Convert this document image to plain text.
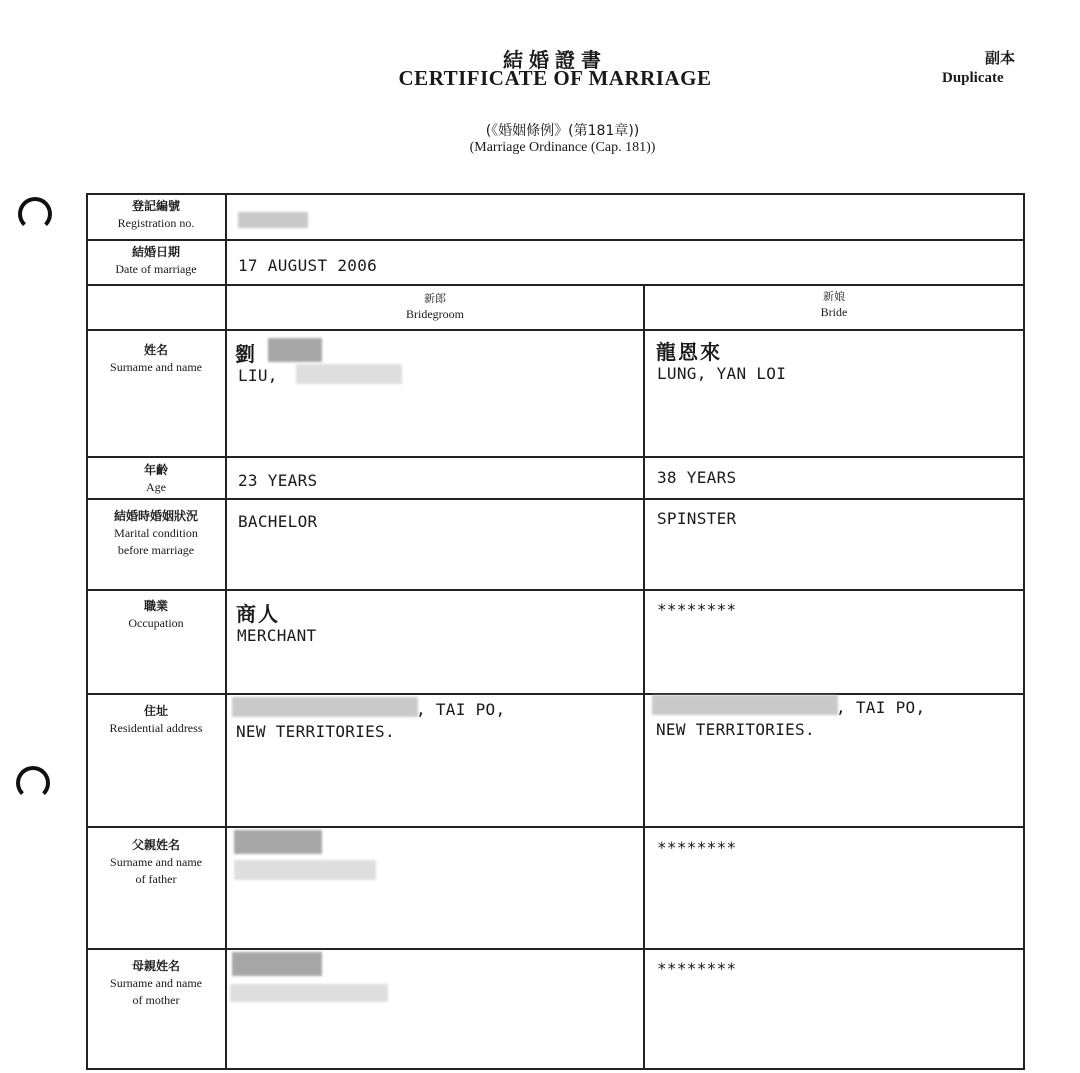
結婚證書
CERTIFICATE OF MARRIAGE
副本
Duplicate
(《婚姻條例》(第181章))
(Marriage Ordinance (Cap. 181))
登記編號
Registration no.
結婚日期
Date of marriage
姓名
Surname and name
年齡
Age
結婚時婚姻狀況
Marital condition
before marriage
職業
Occupation
住址
Residential address
父親姓名
Surname and name
of father
母親姓名
Surname and name
of mother
新郎
Bridegroom
新娘
Bride
17 AUGUST 2006
劉
LIU,
龍恩來
LUNG, YAN LOI
23 YEARS	38 YEARS
BACHELOR	SPINSTER
商人
MERCHANT
********
, TAI PO,
NEW TERRITORIES.
, TAI PO,
NEW TERRITORIES.
********
********
